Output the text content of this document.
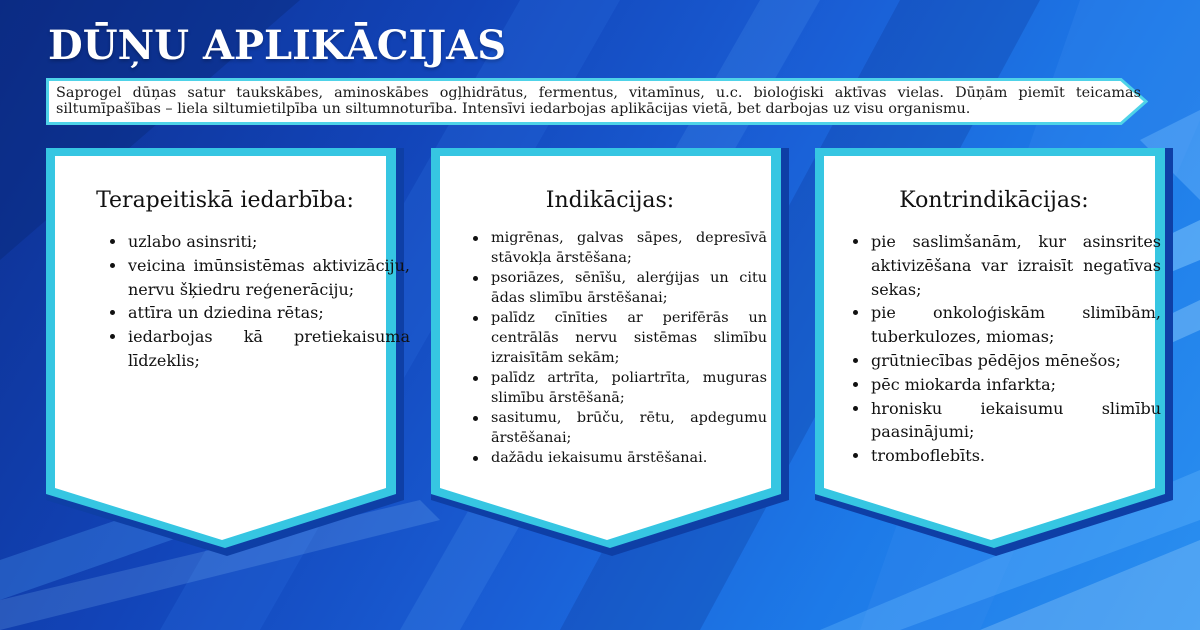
DŪŅU APLIKĀCIJAS
Saprogel dūņas satur taukskābes, aminoskābes ogļhidrātus, fermentus, vitamīnus, u.c. bioloģiski aktīvas vielas. Dūņām piemīt teicamas siltumīpašības – liela siltumietilpība un siltumnoturība. Intensīvi iedarbojas aplikācijas vietā, bet darbojas uz visu organismu.
Terapeitiskā iedarbība:
uzlabo asinsriti;
veicina imūnsistēmas aktivizāciju, nervu šķiedru reģenerāciju;
attīra un dziedina rētas;
iedarbojas kā pretiekaisuma līdzeklis;
Indikācijas:
migrēnas, galvas sāpes, depresīvā stāvokļa ārstēšana;
psoriāzes, sēnīšu, alerģijas un citu ādas slimību ārstēšanai;
palīdz cīnīties ar perifērās un centrālās nervu sistēmas slimību izraisītām sekām;
palīdz artrīta, poliartrīta, muguras slimību ārstēšanā;
sasitumu, brūču, rētu, apdegumu ārstēšanai;
dažādu iekaisumu ārstēšanai.
Kontrindikācijas:
pie saslimšanām, kur asinsrites aktivizēšana var izraisīt negatīvas sekas;
pie onkoloģiskām slimībām, tuberkulozes, miomas;
grūtniecības pēdējos mēnešos;
pēc miokarda infarkta;
hronisku iekaisumu slimību paasinājumi;
tromboflebīts.
